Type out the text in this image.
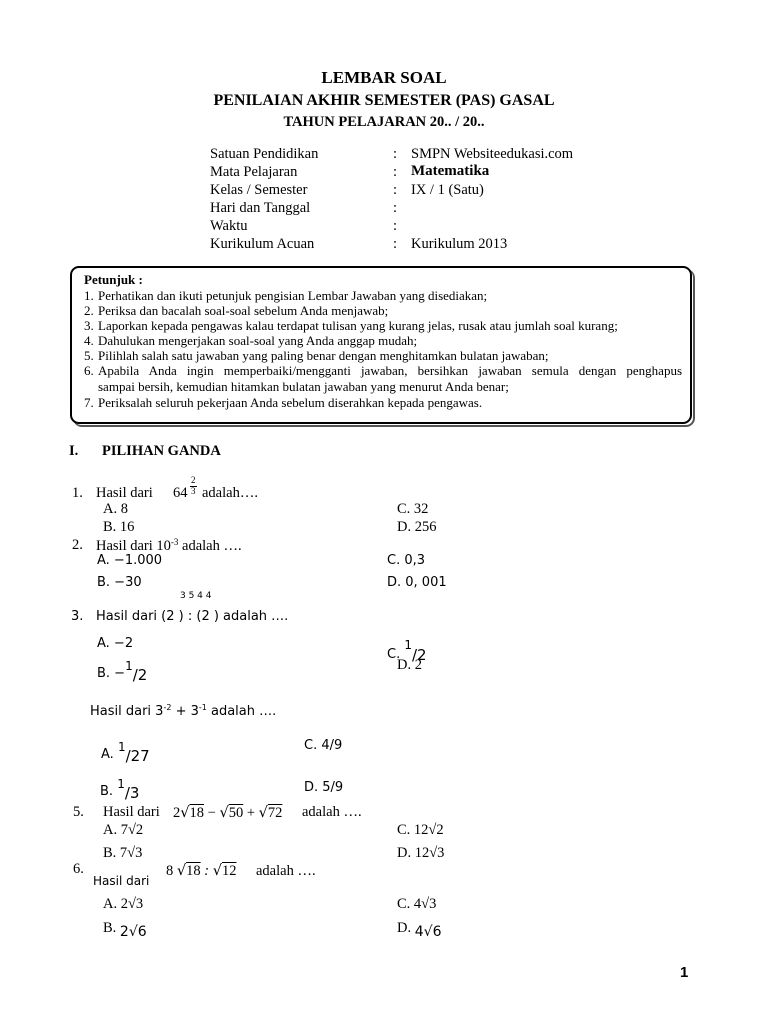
LEMBAR SOAL
PENILAIAN AKHIR SEMESTER (PAS) GASAL
TAHUN PELAJARAN 20.. / 20..
Satuan Pendidikan	: SMPN Websiteedukasi.com
Mata Pelajaran	: Matematika
Kelas / Semester	: IX / 1 (Satu)
Hari dan Tanggal	:
Waktu	:
Kurikulum Acuan	: Kurikulum 2013
Petunjuk :
1. Perhatikan dan ikuti petunjuk pengisian Lembar Jawaban yang disediakan;
2. Periksa dan bacalah soal-soal sebelum Anda menjawab;
3. Laporkan kepada pengawas kalau terdapat tulisan yang kurang jelas, rusak atau jumlah soal kurang;
4. Dahulukan mengerjakan soal-soal yang Anda anggap mudah;
5. Pilihlah salah satu jawaban yang paling benar dengan menghitamkan bulatan jawaban;
6. Apabila Anda ingin memperbaiki/mengganti jawaban, bersihkan jawaban semula dengan penghapus
sampai bersih, kemudian hitamkan bulatan jawaban yang menurut Anda benar;
7. Periksalah seluruh pekerjaan Anda sebelum diserahkan kepada pengawas.
I. PILIHAN GANDA
1. Hasil dari 64
2
3 adalah….
A. 8
B. 16
C. 32
D. 256
2. Hasil dari $10^{-3}$ adalah ….
A. −1.000
B. −30
C. 0,3
D. 0, 001
3 5 4 4
3. Hasil dari (2 ) : (2 ) adalah ….
A. −2
B. −1/2
C. 1/2
D. 2
Hasil dari $3^{-2} + 3^{-1}$ adalah ….
A. 1/27
B. 1/3
C. 4/9
D. 5/9
5. Hasil dari 2√18 − √50 + √72 adalah ….
A. 7√2
B. 7√3
C. 12√2
D. 12√3
6.
Hasil dari
8 √18 : √12 adalah ….
A. 2√3
B. 2√6
C. 4√3
D. 4√6
1
